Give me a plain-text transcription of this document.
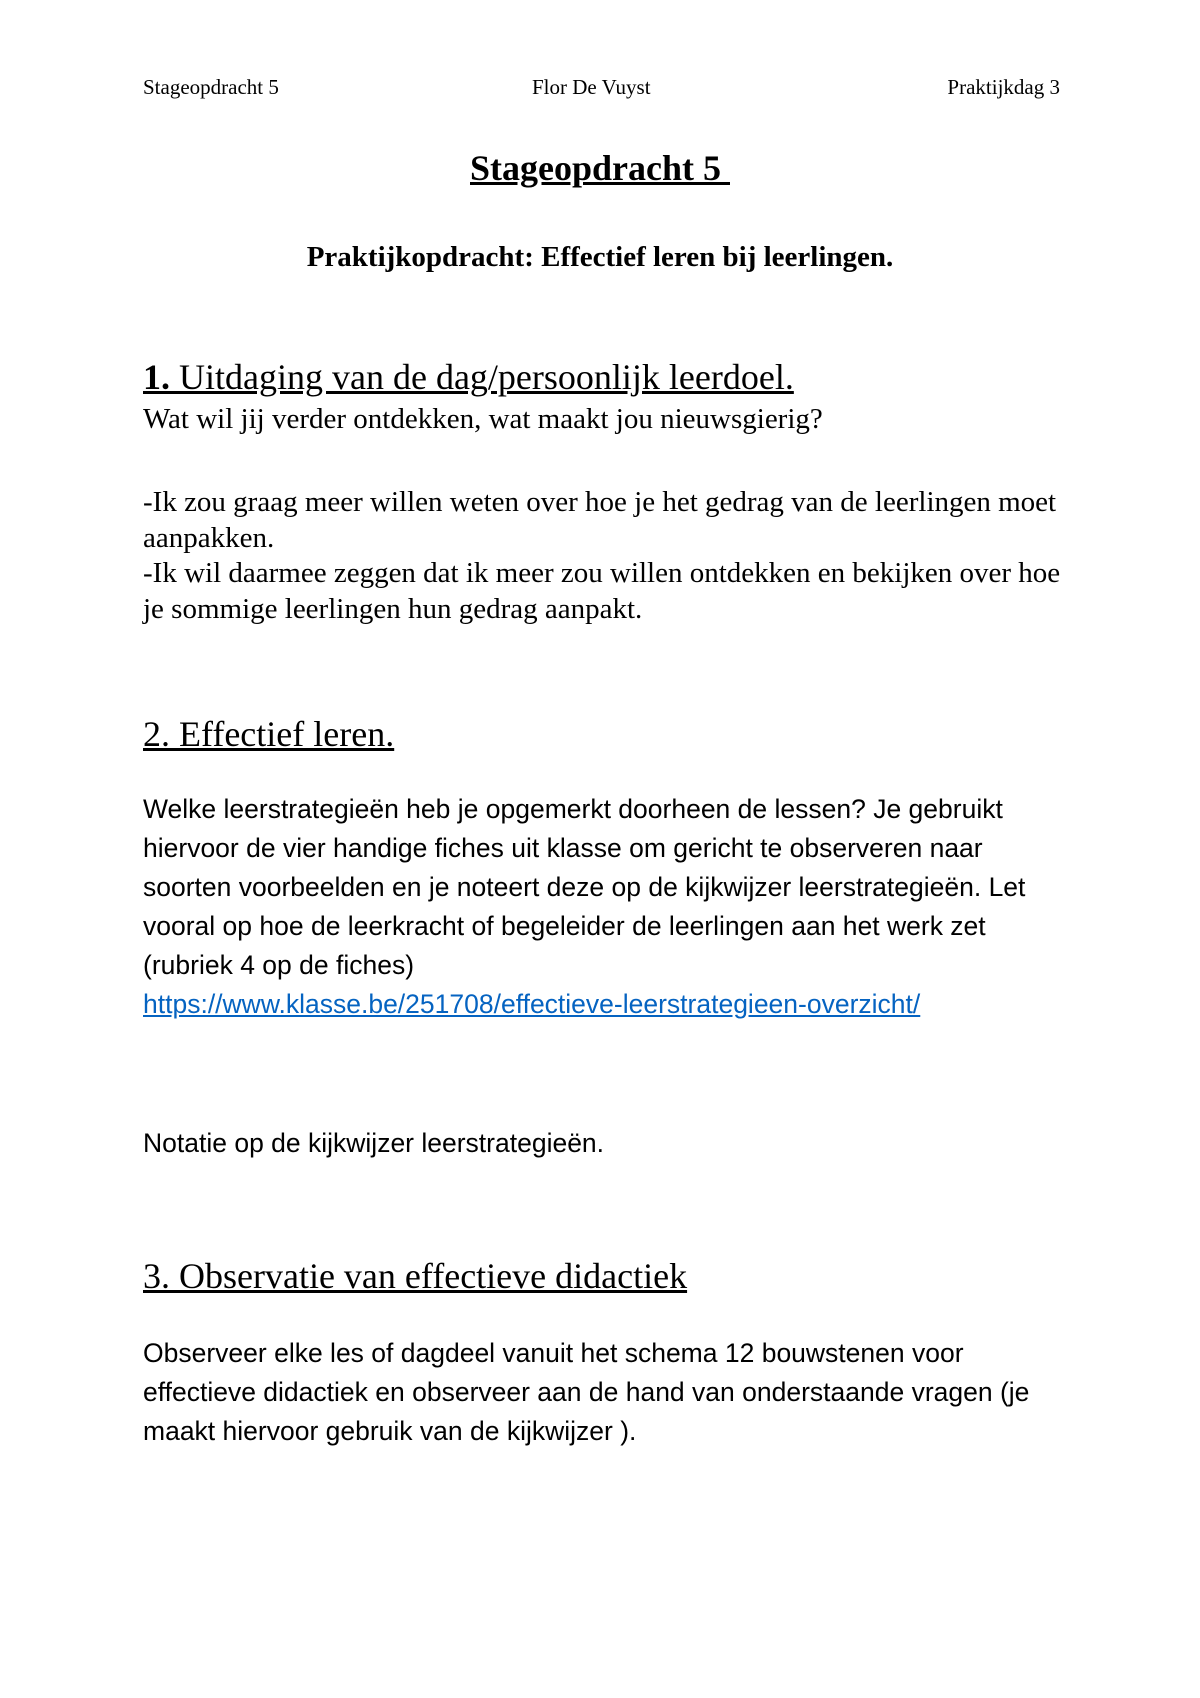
Stageopdracht 5	Flor De Vuyst	Praktijkdag 3
Stageopdracht 5
Praktijkopdracht: Effectief leren bij leerlingen.
1. Uitdaging van de dag/persoonlijk leerdoel.

Wat wil jij verder ontdekken, wat maakt jou nieuwsgierig?

-Ik zou graag meer willen weten over hoe je het gedrag van de leerlingen moet aanpakken.

-Ik wil daarmee zeggen dat ik meer zou willen ontdekken en bekijken over hoe je sommige leerlingen hun gedrag aanpakt.

2. Effectief leren.

Welke leerstrategieën heb je opgemerkt doorheen de lessen? Je gebruikt hiervoor de vier handige fiches uit klasse om gericht te observeren naar soorten voorbeelden en je noteert deze op de kijkwijzer leerstrategieën. Let vooral op hoe de leerkracht of begeleider de leerlingen aan het werk zet (rubriek 4 op de fiches)

https://www.klasse.be/251708/effectieve-leerstrategieen-overzicht/

Notatie op de kijkwijzer leerstrategieën.

3. Observatie van effectieve didactiek

Observeer elke les of dagdeel vanuit het schema 12 bouwstenen voor effectieve didactiek en observeer aan de hand van onderstaande vragen (je maakt hiervoor gebruik van de kijkwijzer ).
